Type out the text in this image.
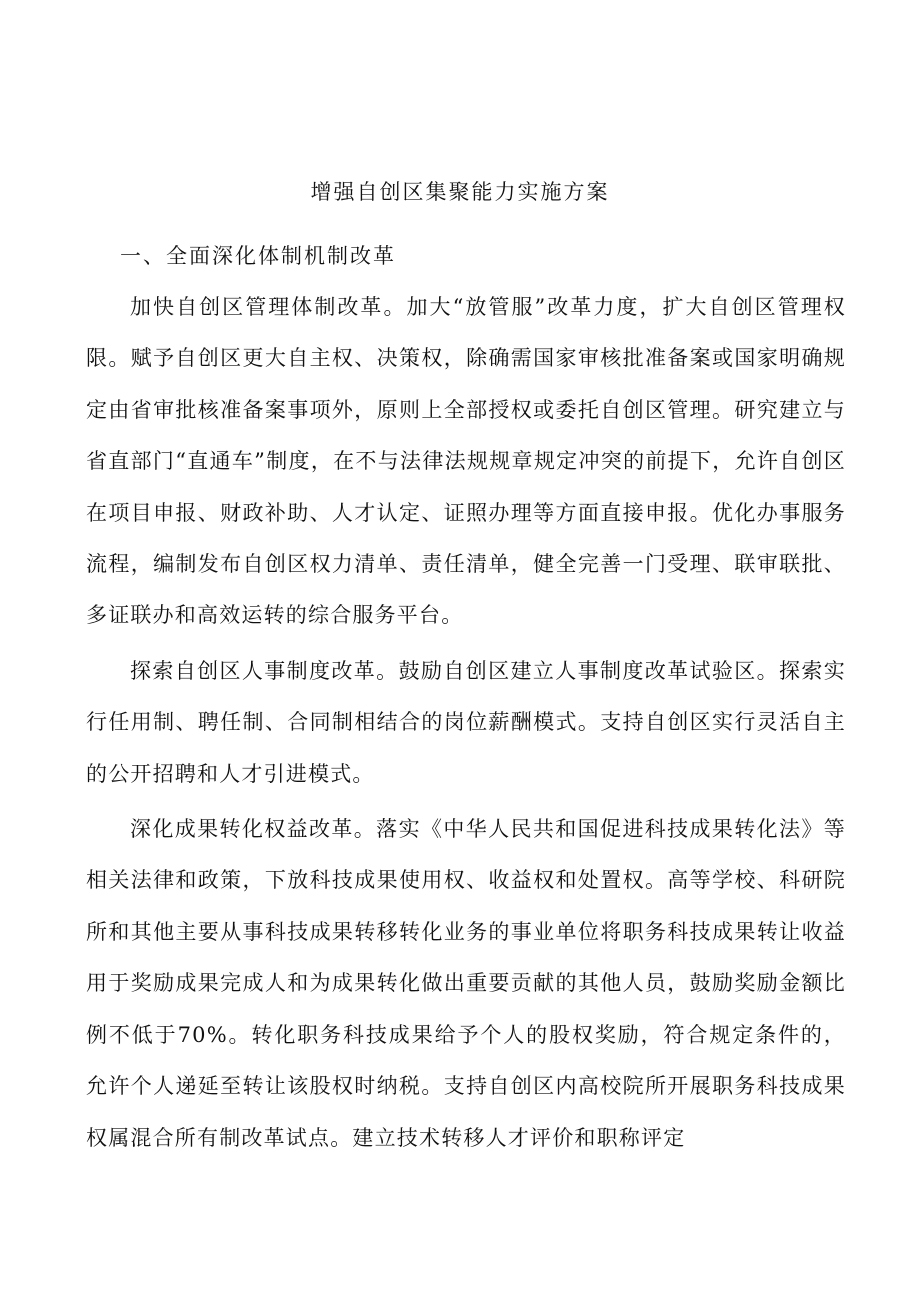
增强自创区集聚能力实施方案
一、全面深化体制机制改革

加快自创区管理体制改革。加大“放管服”改革力度，扩大自创区管理权限。赋予自创区更大自主权、决策权，除确需国家审核批准备案或国家明确规定由省审批核准备案事项外，原则上全部授权或委托自创区管理。研究建立与省直部门“直通车”制度，在不与法律法规规章规定冲突的前提下，允许自创区在项目申报、财政补助、人才认定、证照办理等方面直接申报。优化办事服务流程，编制发布自创区权力清单、责任清单，健全完善一门受理、联审联批、多证联办和高效运转的综合服务平台。

探索自创区人事制度改革。鼓励自创区建立人事制度改革试验区。探索实行任用制、聘任制、合同制相结合的岗位薪酬模式。支持自创区实行灵活自主的公开招聘和人才引进模式。

深化成果转化权益改革。落实《中华人民共和国促进科技成果转化法》等相关法律和政策，下放科技成果使用权、收益权和处置权。高等学校、科研院所和其他主要从事科技成果转移转化业务的事业单位将职务科技成果转让收益用于奖励成果完成人和为成果转化做出重要贡献的其他人员，鼓励奖励金额比例不低于70%。转化职务科技成果给予个人的股权奖励，符合规定条件的，允许个人递延至转让该股权时纳税。支持自创区内高校院所开展职务科技成果权属混合所有制改革试点。建立技术转移人才评价和职称评定
